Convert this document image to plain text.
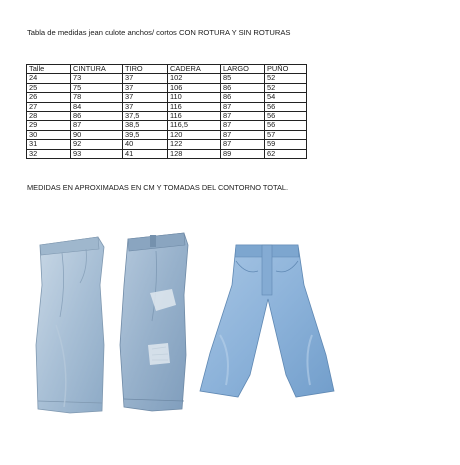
Tabla de medidas jean culote anchos/ cortos CON ROTURA Y SIN ROTURAS
Talle	CINTURA	TIRO	CADERA	LARGO	PUÑO
24	73	37	102	85	52
25	75	37	106	86	52
26	78	37	110	86	54
27	84	37	116	87	56
28	86	37,5	116	87	56
29	87	38,5	116,5	87	56
30	90	39,5	120	87	57
31	92	40	122	87	59
32	93	41	128	89	62
MEDIDAS EN APROXIMADAS EN CM Y TOMADAS DEL CONTORNO TOTAL.
